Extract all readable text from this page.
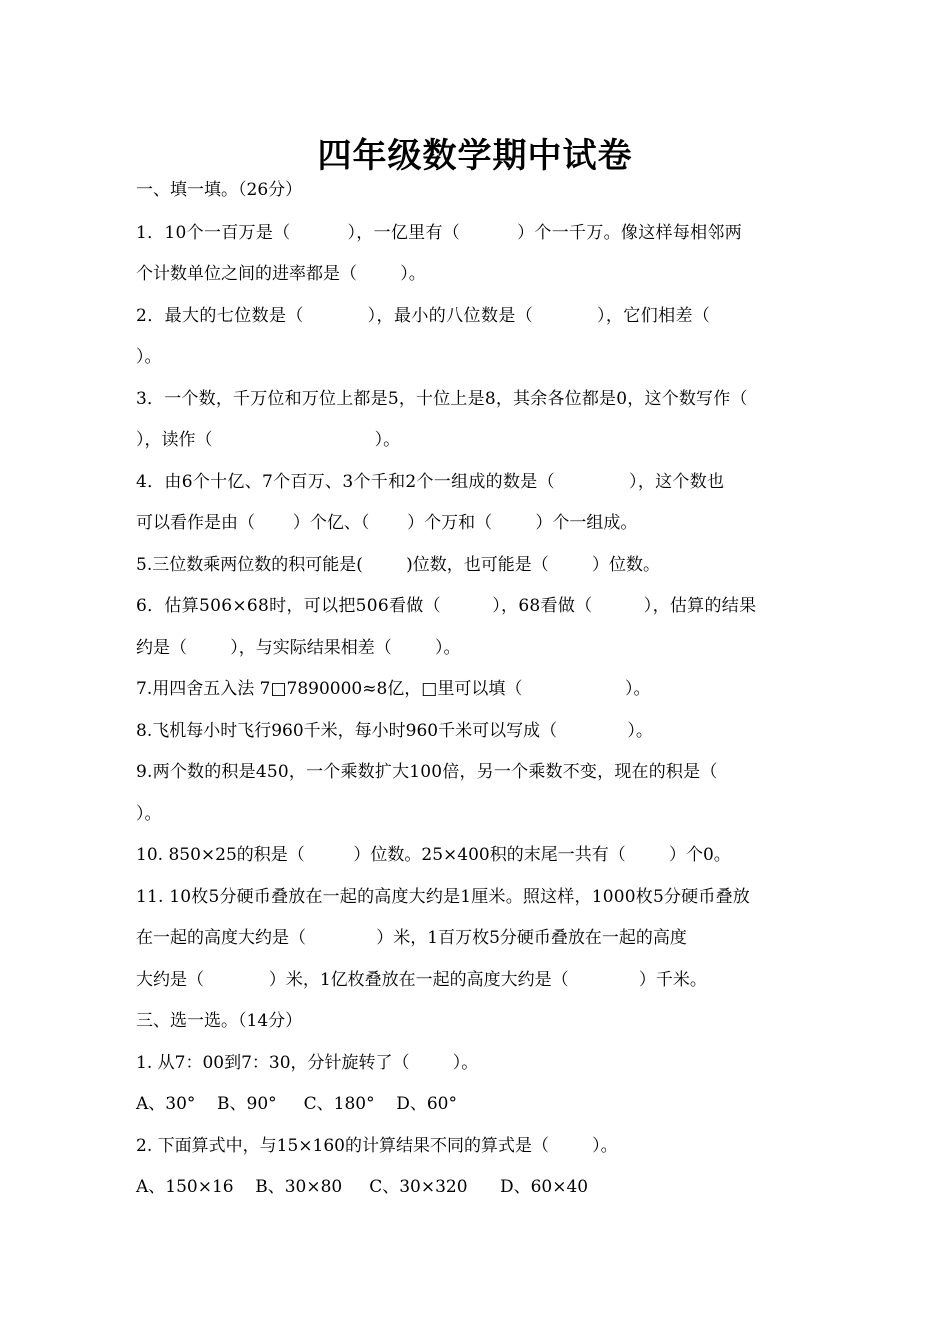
四年级数学期中试卷
一、填一填。（26分）
1．10个一百万是（          ），一亿里有（          ）个一千万。像这样每相邻两
个计数单位之间的进率都是（        ）。
2．最大的七位数是（           ），最小的八位数是（           ），它们相差（
）。
3．一个数，千万位和万位上都是5，十位上是8，其余各位都是0，这个数写作（
），读作（                              ）。
4．由6个十亿、7个百万、3个千和2个一组成的数是（             ），这个数也
可以看作是由（       ）个亿、（       ）个万和（        ）个一组成。
5.三位数乘两位数的积可能是(        )位数，也可能是（        ）位数。
6．估算506×68时，可以把506看做（         ），68看做（         ），估算的结果
约是（        ），与实际结果相差（        ）。
7.用四舍五入法 7□7890000≈8亿，□里可以填（                   ）。
8.飞机每小时飞行960千米，每小时960千米可以写成（             ）。
9.两个数的积是450，一个乘数扩大100倍，另一个乘数不变，现在的积是（
）。
10. 850×25的积是（         ）位数。25×400积的末尾一共有（        ）个0。
11. 10枚5分硬币叠放在一起的高度大约是1厘米。照这样，1000枚5分硬币叠放
在一起的高度大约是（             ）米，1百万枚5分硬币叠放在一起的高度
大约是（            ）米，1亿枚叠放在一起的高度大约是（             ）千米。
三、选一选。（14分）
1. 从7：00到7：30，分针旋转了（        ）。
A、30°    B、90°     C、180°    D、60°
2. 下面算式中，与15×160的计算结果不同的算式是（        ）。
A、150×16    B、30×80     C、30×320      D、60×40
